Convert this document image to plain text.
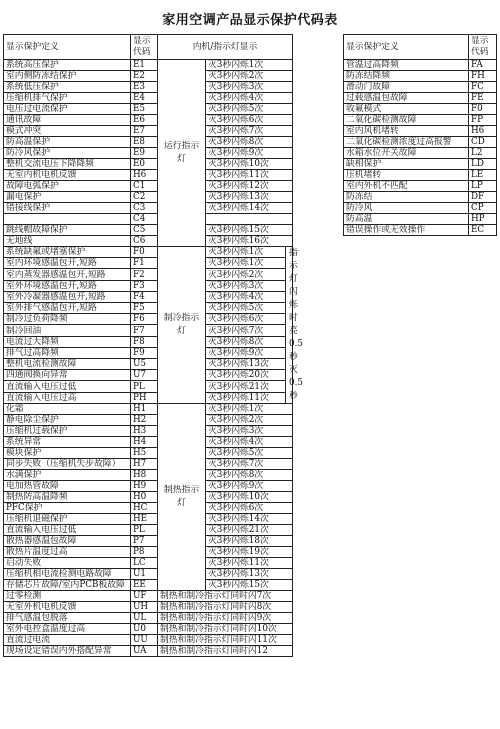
家用空调产品显示保护代码表
显示保护定义	显示代码	内机/指示灯显示		
系统高压保护	E1	运行指示灯	灭3秒闪烁1次	
室内侧防冻结保护	E2		灭3秒闪烁2次	
系统低压保护	E3		灭3秒闪烁3次	
压缩机排气保护	E4		灭3秒闪烁4次	
电压过电流保护	E5		灭3秒闪烁5次	
通讯故障	E6		灭3秒闪烁6次	
模式冲突	E7		灭3秒闪烁7次	
防高温保护	E8		灭3秒闪烁8次	
防冷风保护	E9		灭3秒闪烁9次	
整机交流电压下降降频	E0		灭3秒闪烁10次	
无室内机电机反馈	H6		灭3秒闪烁11次	
故障电弧保护	C1		灭3秒闪烁12次	
漏电保护	C2		灭3秒闪烁13次	
错接线保护	C3		灭3秒闪烁14次	
	C4			
跳线帽故障保护	C5		灭3秒闪烁15次	
无地线	C6		灭3秒闪烁16次	
系统缺氟或堵塞保护	F0	制冷指示灯	灭3秒闪烁1次	指示灯闪烁时亮0.5秒灭0.5秒
室内环境感温包开,短路	F1		灭3秒闪烁1次	
室内蒸发器感温包开,短路	F2		灭3秒闪烁2次	
室外环境感温包开,短路	F3		灭3秒闪烁3次	
室外冷凝器感温包开,短路	F4		灭3秒闪烁4次	
室外排气感温包开,短路	F5		灭3秒闪烁5次	
制冷过负荷降频	F6		灭3秒闪烁6次	
制冷回油	F7		灭3秒闪烁7次	
电流过大降频	F8		灭3秒闪烁8次	
排气过高降频	F9		灭3秒闪烁9次	
整机电流检测故障	U5		灭3秒闪烁13次	
四通阀换向异常	U7		灭3秒闪烁20次	
直流输入电压过低	PL		灭3秒闪烁21次	
直流输入电压过高	PH		灭3秒闪烁11次	
化霜	H1	制热指示灯	灭3秒闪烁1次	
静电除尘保护	H2		灭3秒闪烁2次	
压缩机过载保护	H3		灭3秒闪烁3次	
系统异常	H4		灭3秒闪烁4次	
模块保护	H5		灭3秒闪烁5次	
同步失败（压缩机失步故障）	H7		灭3秒闪烁7次	
水满保护	H8		灭3秒闪烁8次	
电加热管故障	H9		灭3秒闪烁9次	
制热防高温降频	H0		灭3秒闪烁10次	
PFC保护	HC		灭3秒闪烁6次	
压缩机退磁保护	HE		灭3秒闪烁14次	
直流输入电压过低	PL		灭3秒闪烁21次	
散热器感温包故障	P7		灭3秒闪烁18次	
散热片温度过高	P8		灭3秒闪烁19次	
启动失败	LC		灭3秒闪烁11次	
压缩机相电流检测电路故障	U1		灭3秒闪烁13次	
存储芯片故障/室内PCB板故障	EE		灭3秒闪烁15次	
过零检测	UF	制热和制冷指示灯同时闪7次		
无室外机电机反馈	UH	制热和制冷指示灯同时闪8次		
排气感温包脱落	UL	制热和制冷指示灯同时闪9次		
室外电控盒温度过高	U0	制热和制冷指示灯同时闪10次		
直流过电流	UU	制热和制冷指示灯同时闪11次		
现场设定错误内外搭配异常	UA	制热和制冷指示灯同时闪12		
显示保护定义	显示代码
管温过高降频	FA
防冻结降频	FH
滑动门故障	FC
过载感温包故障	FE
收氟模式	F0
二氧化碳检测故障	FP
室内风机堵转	H6
二氧化碳检测浓度过高报警	CD
水箱水位开关故障	L2
缺相保护	LD
压机堵转	LE
室内外机不匹配	LP
防冻结	DF
防冷风	CP
防高温	HP
错误操作或无效操作	EC
